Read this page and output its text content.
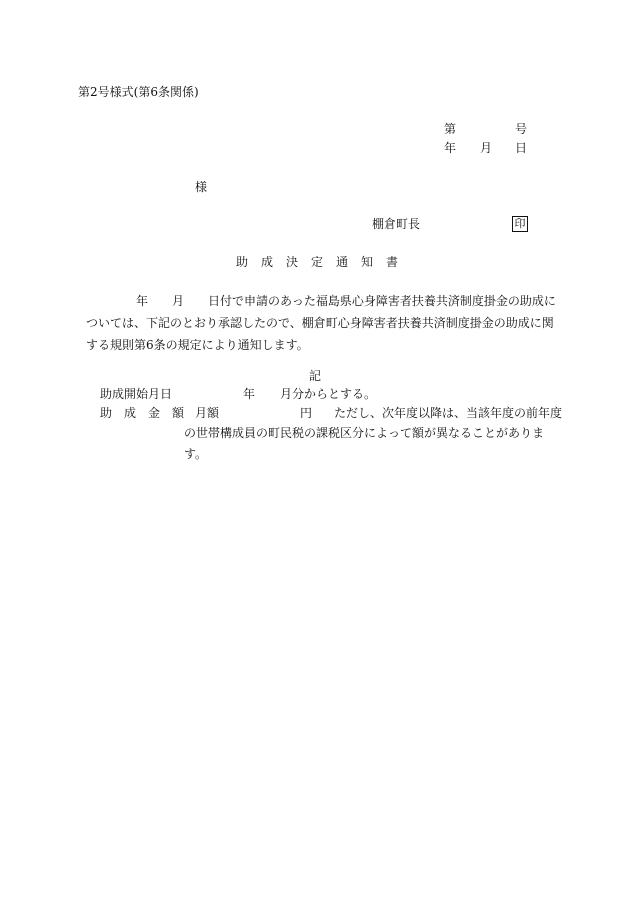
第2号様式(第6条関係)
第	号
年 月 日
様
棚倉町長	印
助　成　決　定　通　知　書
年 月 日付で申請のあった福島県心身障害者扶養共済制度掛金の助成に
ついては、下記のとおり承認したので、棚倉町心身障害者扶養共済制度掛金の助成に関
する規則第6条の規定により通知します。
記
助成開始月日	年 月分からとする。
助　成　金　額 月額	円 ただし、次年度以降は、当該年度の前年度
の世帯構成員の町民税の課税区分によって額が異なることがありま
す。
